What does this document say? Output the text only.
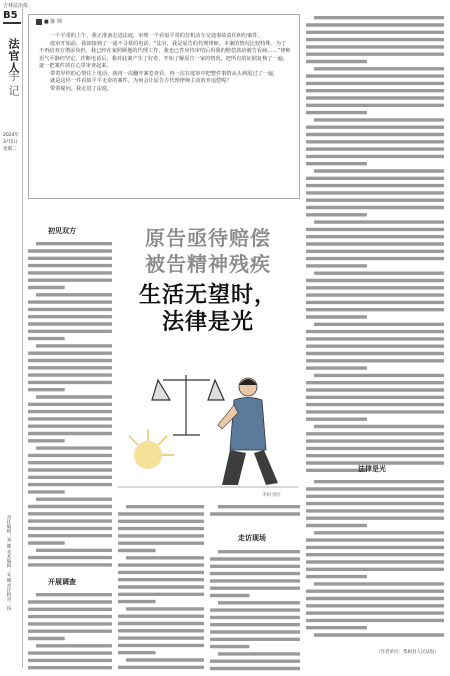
B5
法官人
手记
2024年 3月5日 星期二
责任编辑：刘 健 美术编辑：安 娜 责任校对：钱
吉林法治报
■ 陈 帅
一个平常的上午，我正准备走进法庭，审理一个看似平常的非机动车交通事故责任纠纷案件。
庭审开始前，我却接到了一通不寻常的电话。“法官，我是原告的代理律师，本案的情况比较特殊。为了不再给双方增添负担，我已经在家照顾他的代理工作，我也已答应待审结后用我的赔偿款给被告看病……”律师语气平静但坚定。挂断电话后，我对此案产生了好奇，开始了解原告一家的情况，把所有的证据复核了一遍，逐一把案件放在心里审查起来。
带着异样的心情往上电话，我再一次翻开案卷查看，再一次在庭审中把整件事情从头到尾过了一遍。
就是这样一件看似平平无奇的案件，为何会让原告方代理律师主动放弃追偿呢？
带着疑问，我走进了法庭。
法律是光
（作者单位：梨树县人民法院）
初见双方
开展调查
原告亟待赔偿
被告精神残疾
生活无望时，
法律是光
李树 图片
走访现场
